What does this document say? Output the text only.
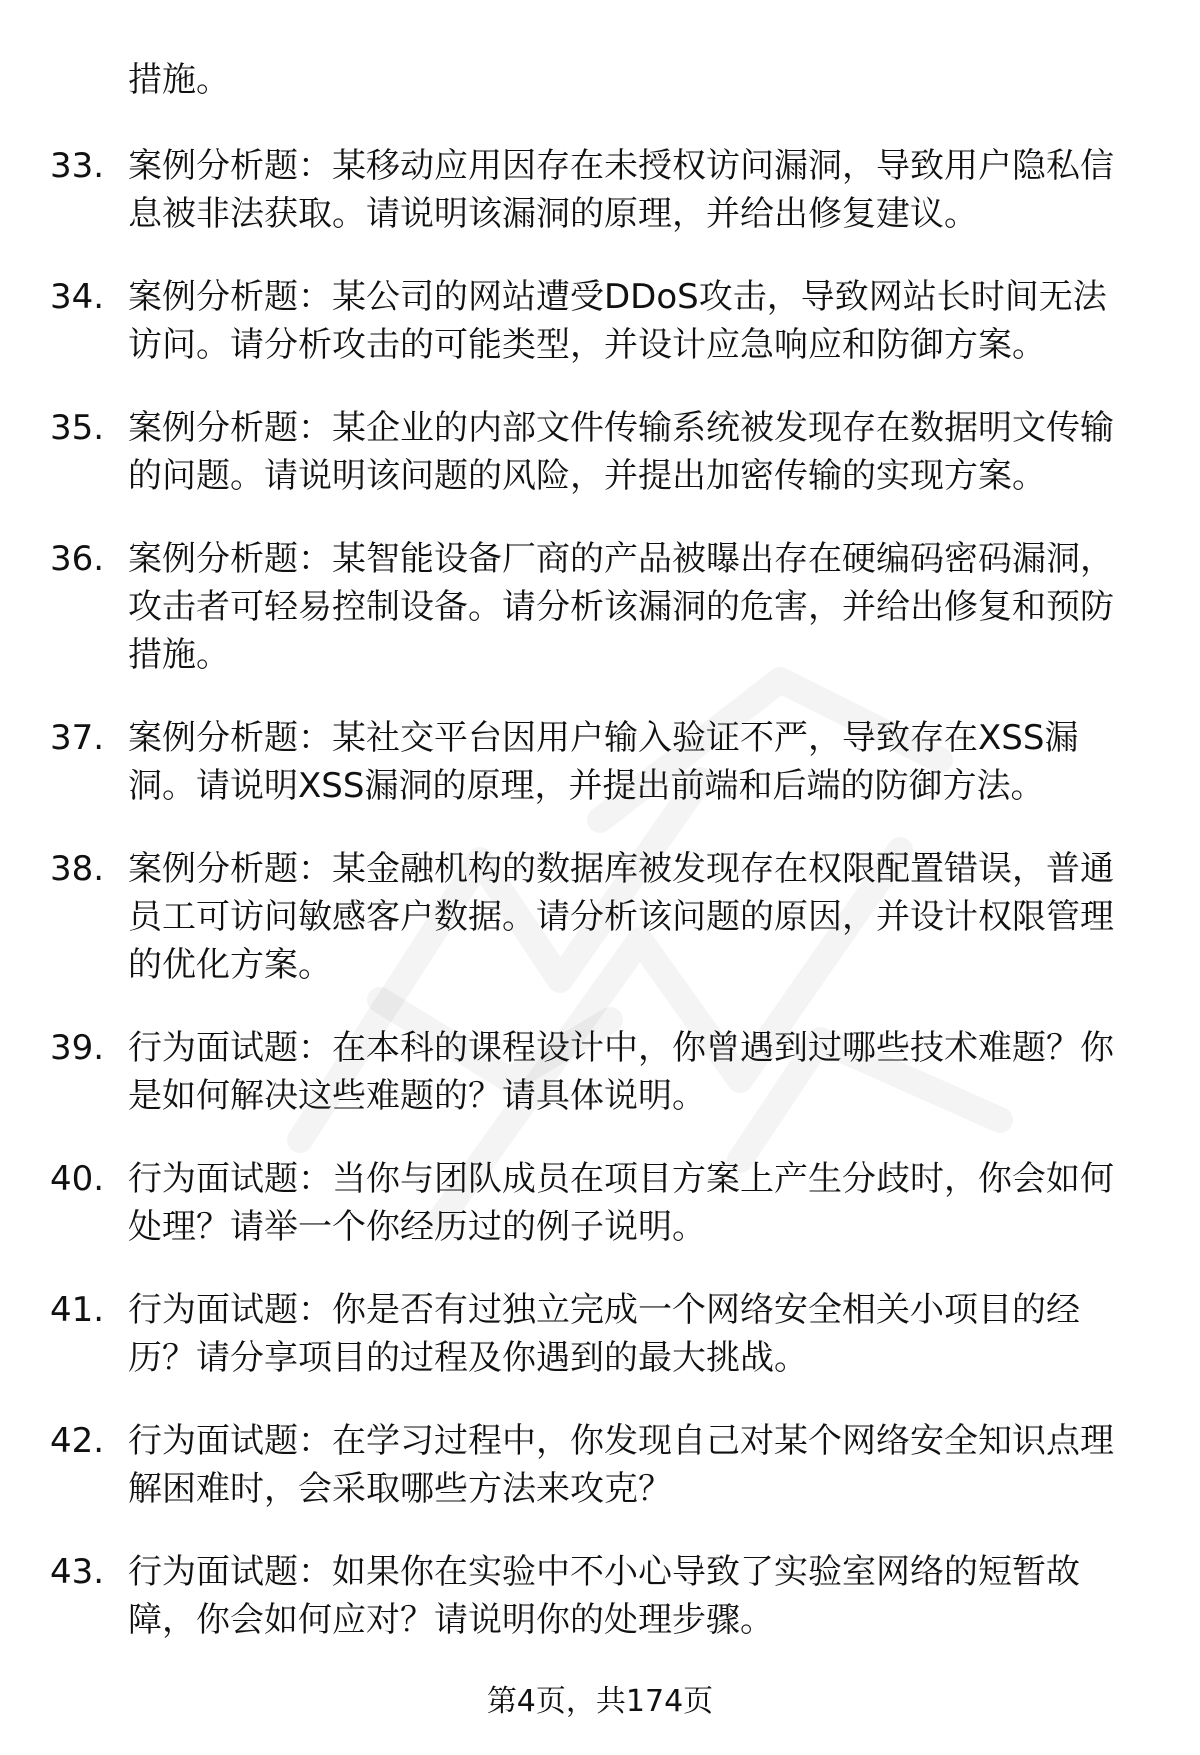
措施。
33. 案例分析题：某移动应用因存在未授权访问漏洞，导致用户隐私信息被非法获取。请说明该漏洞的原理，并给出修复建议。
34. 案例分析题：某公司的网站遭受DDoS攻击，导致网站长时间无法访问。请分析攻击的可能类型，并设计应急响应和防御方案。
35. 案例分析题：某企业的内部文件传输系统被发现存在数据明文传输的问题。请说明该问题的风险，并提出加密传输的实现方案。
36. 案例分析题：某智能设备厂商的产品被曝出存在硬编码密码漏洞，攻击者可轻易控制设备。请分析该漏洞的危害，并给出修复和预防措施。
37. 案例分析题：某社交平台因用户输入验证不严，导致存在XSS漏洞。请说明XSS漏洞的原理，并提出前端和后端的防御方法。
38. 案例分析题：某金融机构的数据库被发现存在权限配置错误，普通员工可访问敏感客户数据。请分析该问题的原因，并设计权限管理的优化方案。
39. 行为面试题：在本科的课程设计中，你曾遇到过哪些技术难题？你是如何解决这些难题的？请具体说明。
40. 行为面试题：当你与团队成员在项目方案上产生分歧时，你会如何处理？请举一个你经历过的例子说明。
41. 行为面试题：你是否有过独立完成一个网络安全相关小项目的经历？请分享项目的过程及你遇到的最大挑战。
42. 行为面试题：在学习过程中，你发现自己对某个网络安全知识点理解困难时，会采取哪些方法来攻克？
43. 行为面试题：如果你在实验中不小心导致了实验室网络的短暂故障，你会如何应对？请说明你的处理步骤。
第4页，共174页
